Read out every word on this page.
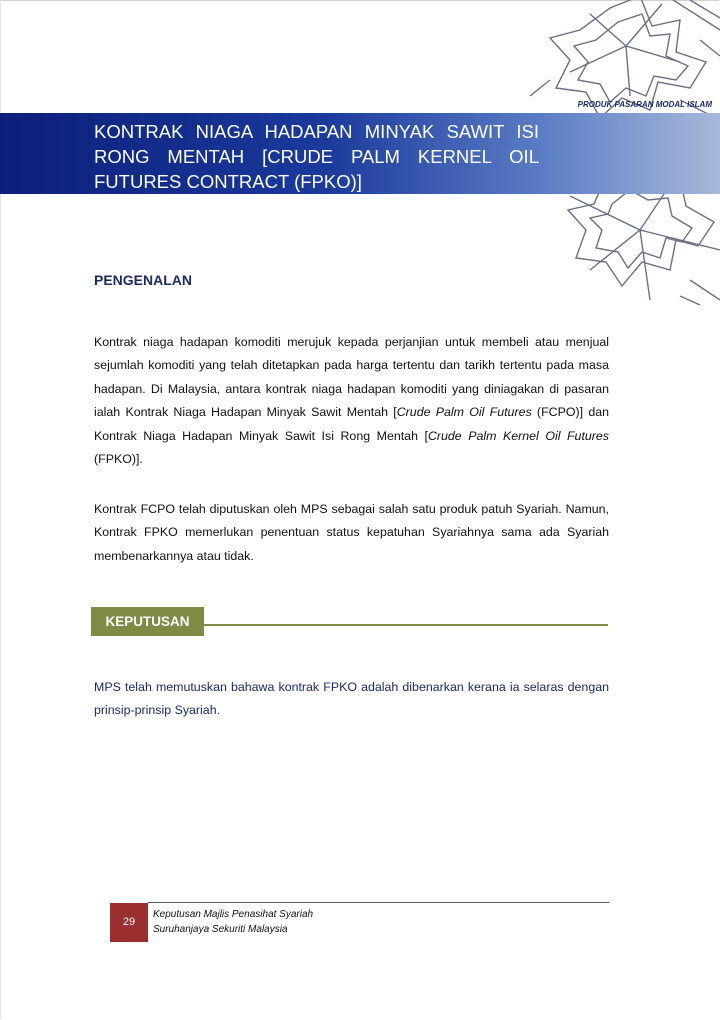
PRODUK PASARAN MODAL ISLAM
KONTRAK NIAGA HADAPAN MINYAK SAWIT ISI RONG MENTAH [CRUDE PALM KERNEL OIL FUTURES CONTRACT (FPKO)]
PENGENALAN

Kontrak niaga hadapan komoditi merujuk kepada perjanjian untuk membeli atau menjual sejumlah komoditi yang telah ditetapkan pada harga tertentu dan tarikh tertentu pada masa hadapan. Di Malaysia, antara kontrak niaga hadapan komoditi yang diniagakan di pasaran ialah Kontrak Niaga Hadapan Minyak Sawit Mentah [Crude Palm Oil Futures (FCPO)] dan Kontrak Niaga Hadapan Minyak Sawit Isi Rong Mentah [Crude Palm Kernel Oil Futures (FPKO)].

Kontrak FCPO telah diputuskan oleh MPS sebagai salah satu produk patuh Syariah. Namun, Kontrak FPKO memerlukan penentuan status kepatuhan Syariahnya sama ada Syariah membenarkannya atau tidak.

KEPUTUSAN

MPS telah memutuskan bahawa kontrak FPKO adalah dibenarkan kerana ia selaras dengan prinsip-prinsip Syariah.

29
Keputusan Majlis Penasihat Syariah
Suruhanjaya Sekuriti Malaysia
